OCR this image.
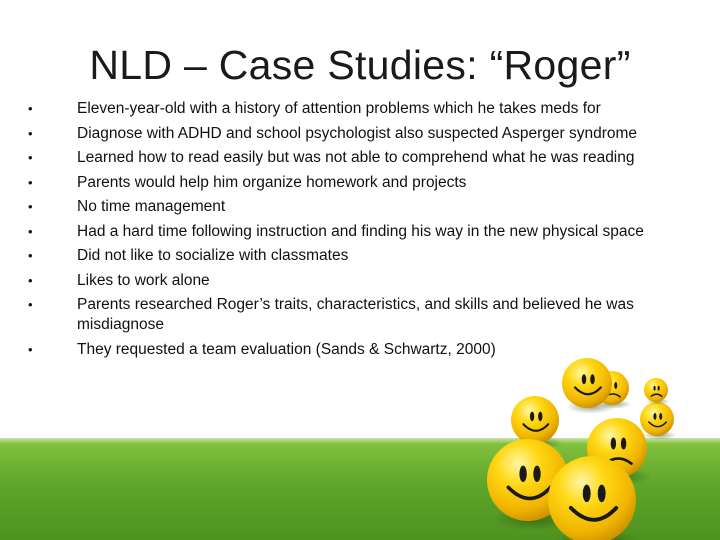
NLD – Case Studies: “Roger”
•	Eleven-year-old with a history of attention problems which he takes meds for
•	Diagnose with ADHD and school psychologist also suspected Asperger syndrome
•	Learned how to read easily but was not able to comprehend what he was reading
•	Parents would help him organize homework and projects
•	No time management
•	Had a hard time following instruction and finding his way in the new physical space
•	Did not like to socialize with classmates
•	Likes to work alone
•	Parents researched Roger’s traits, characteristics, and skills and believed he was misdiagnose
•	They requested a team evaluation (Sands & Schwartz, 2000)
